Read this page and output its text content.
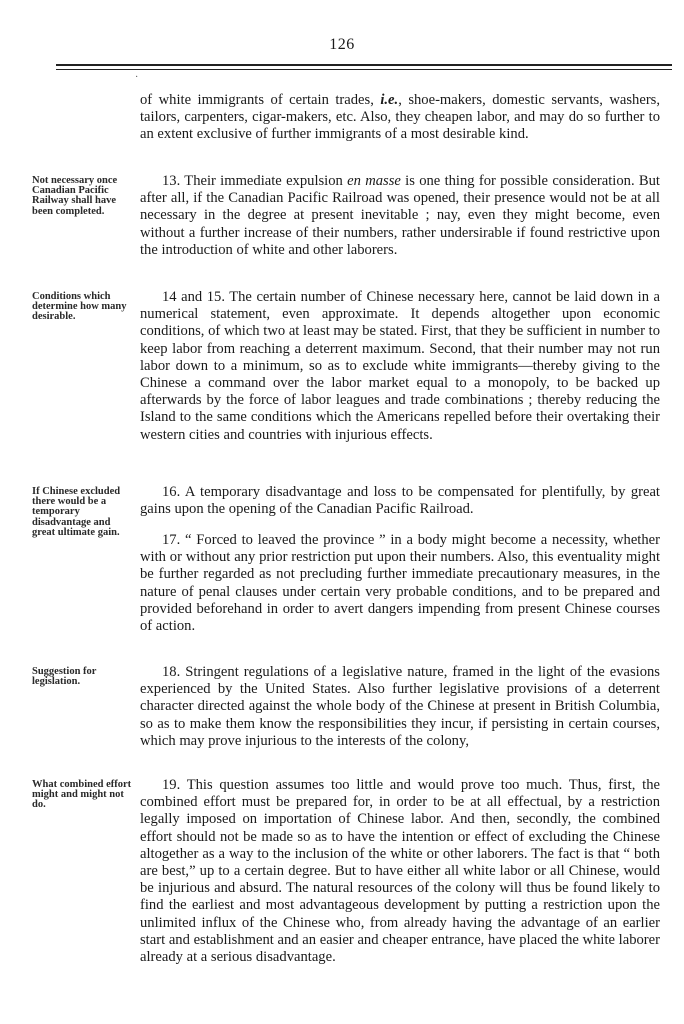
126
·

of white immigrants of certain trades, i.e., shoe-makers, domestic servants, washers, tailors, carpenters, cigar-makers, etc. Also, they cheapen labor, and may do so further to an extent exclusive of further immigrants of a most desirable kind.

Not necessary once Canadian Pacific Railway shall have been completed.

13. Their immediate expulsion en masse is one thing for possible consideration. But after all, if the Canadian Pacific Railroad was opened, their presence would not be at all necessary in the degree at present inevitable ; nay, even they might become, even without a further increase of their numbers, rather undersirable if found restrictive upon the introduction of white and other laborers.

Conditions which determine how many desirable.

14 and 15. The certain number of Chinese necessary here, cannot be laid down in a numerical statement, even approximate. It depends altogether upon economic conditions, of which two at least may be stated. First, that they be sufficient in number to keep labor from reaching a deterrent maximum. Second, that their number may not run labor down to a minimum, so as to exclude white immigrants—thereby giving to the Chinese a command over the labor market equal to a monopoly, to be backed up afterwards by the force of labor leagues and trade combinations ; thereby reducing the Island to the same conditions which the Americans repelled before their overtaking their western cities and countries with injurious effects.

If Chinese excluded there would be a temporary disadvantage and great ultimate gain.

16. A temporary disadvantage and loss to be compensated for plentifully, by great gains upon the opening of the Canadian Pacific Railroad.

17. “ Forced to leaved the province ” in a body might become a necessity, whether with or without any prior restriction put upon their numbers. Also, this eventuality might be further regarded as not precluding further immediate precautionary measures, in the nature of penal clauses under certain very probable conditions, and to be prepared and provided beforehand in order to avert dangers impending from present Chinese courses of action.

Suggestion for legislation.

18. Stringent regulations of a legislative nature, framed in the light of the evasions experienced by the United States. Also further legislative provisions of a deterrent character directed against the whole body of the Chinese at present in British Columbia, so as to make them know the responsibilities they incur, if persisting in certain courses, which may prove injurious to the interests of the colony,

What combined effort might and might not do.

19. This question assumes too little and would prove too much. Thus, first, the combined effort must be prepared for, in order to be at all effectual, by a restriction legally imposed on importation of Chinese labor. And then, secondly, the combined effort should not be made so as to have the intention or effect of excluding the Chinese altogether as a way to the inclusion of the white or other laborers. The fact is that “ both are best,” up to a certain degree. But to have either all white labor or all Chinese, would be injurious and absurd. The natural resources of the colony will thus be found likely to find the earliest and most advantageous development by putting a restriction upon the unlimited influx of the Chinese who, from already having the advantage of an earlier start and establishment and an easier and cheaper entrance, have placed the white laborer already at a serious disadvantage.
